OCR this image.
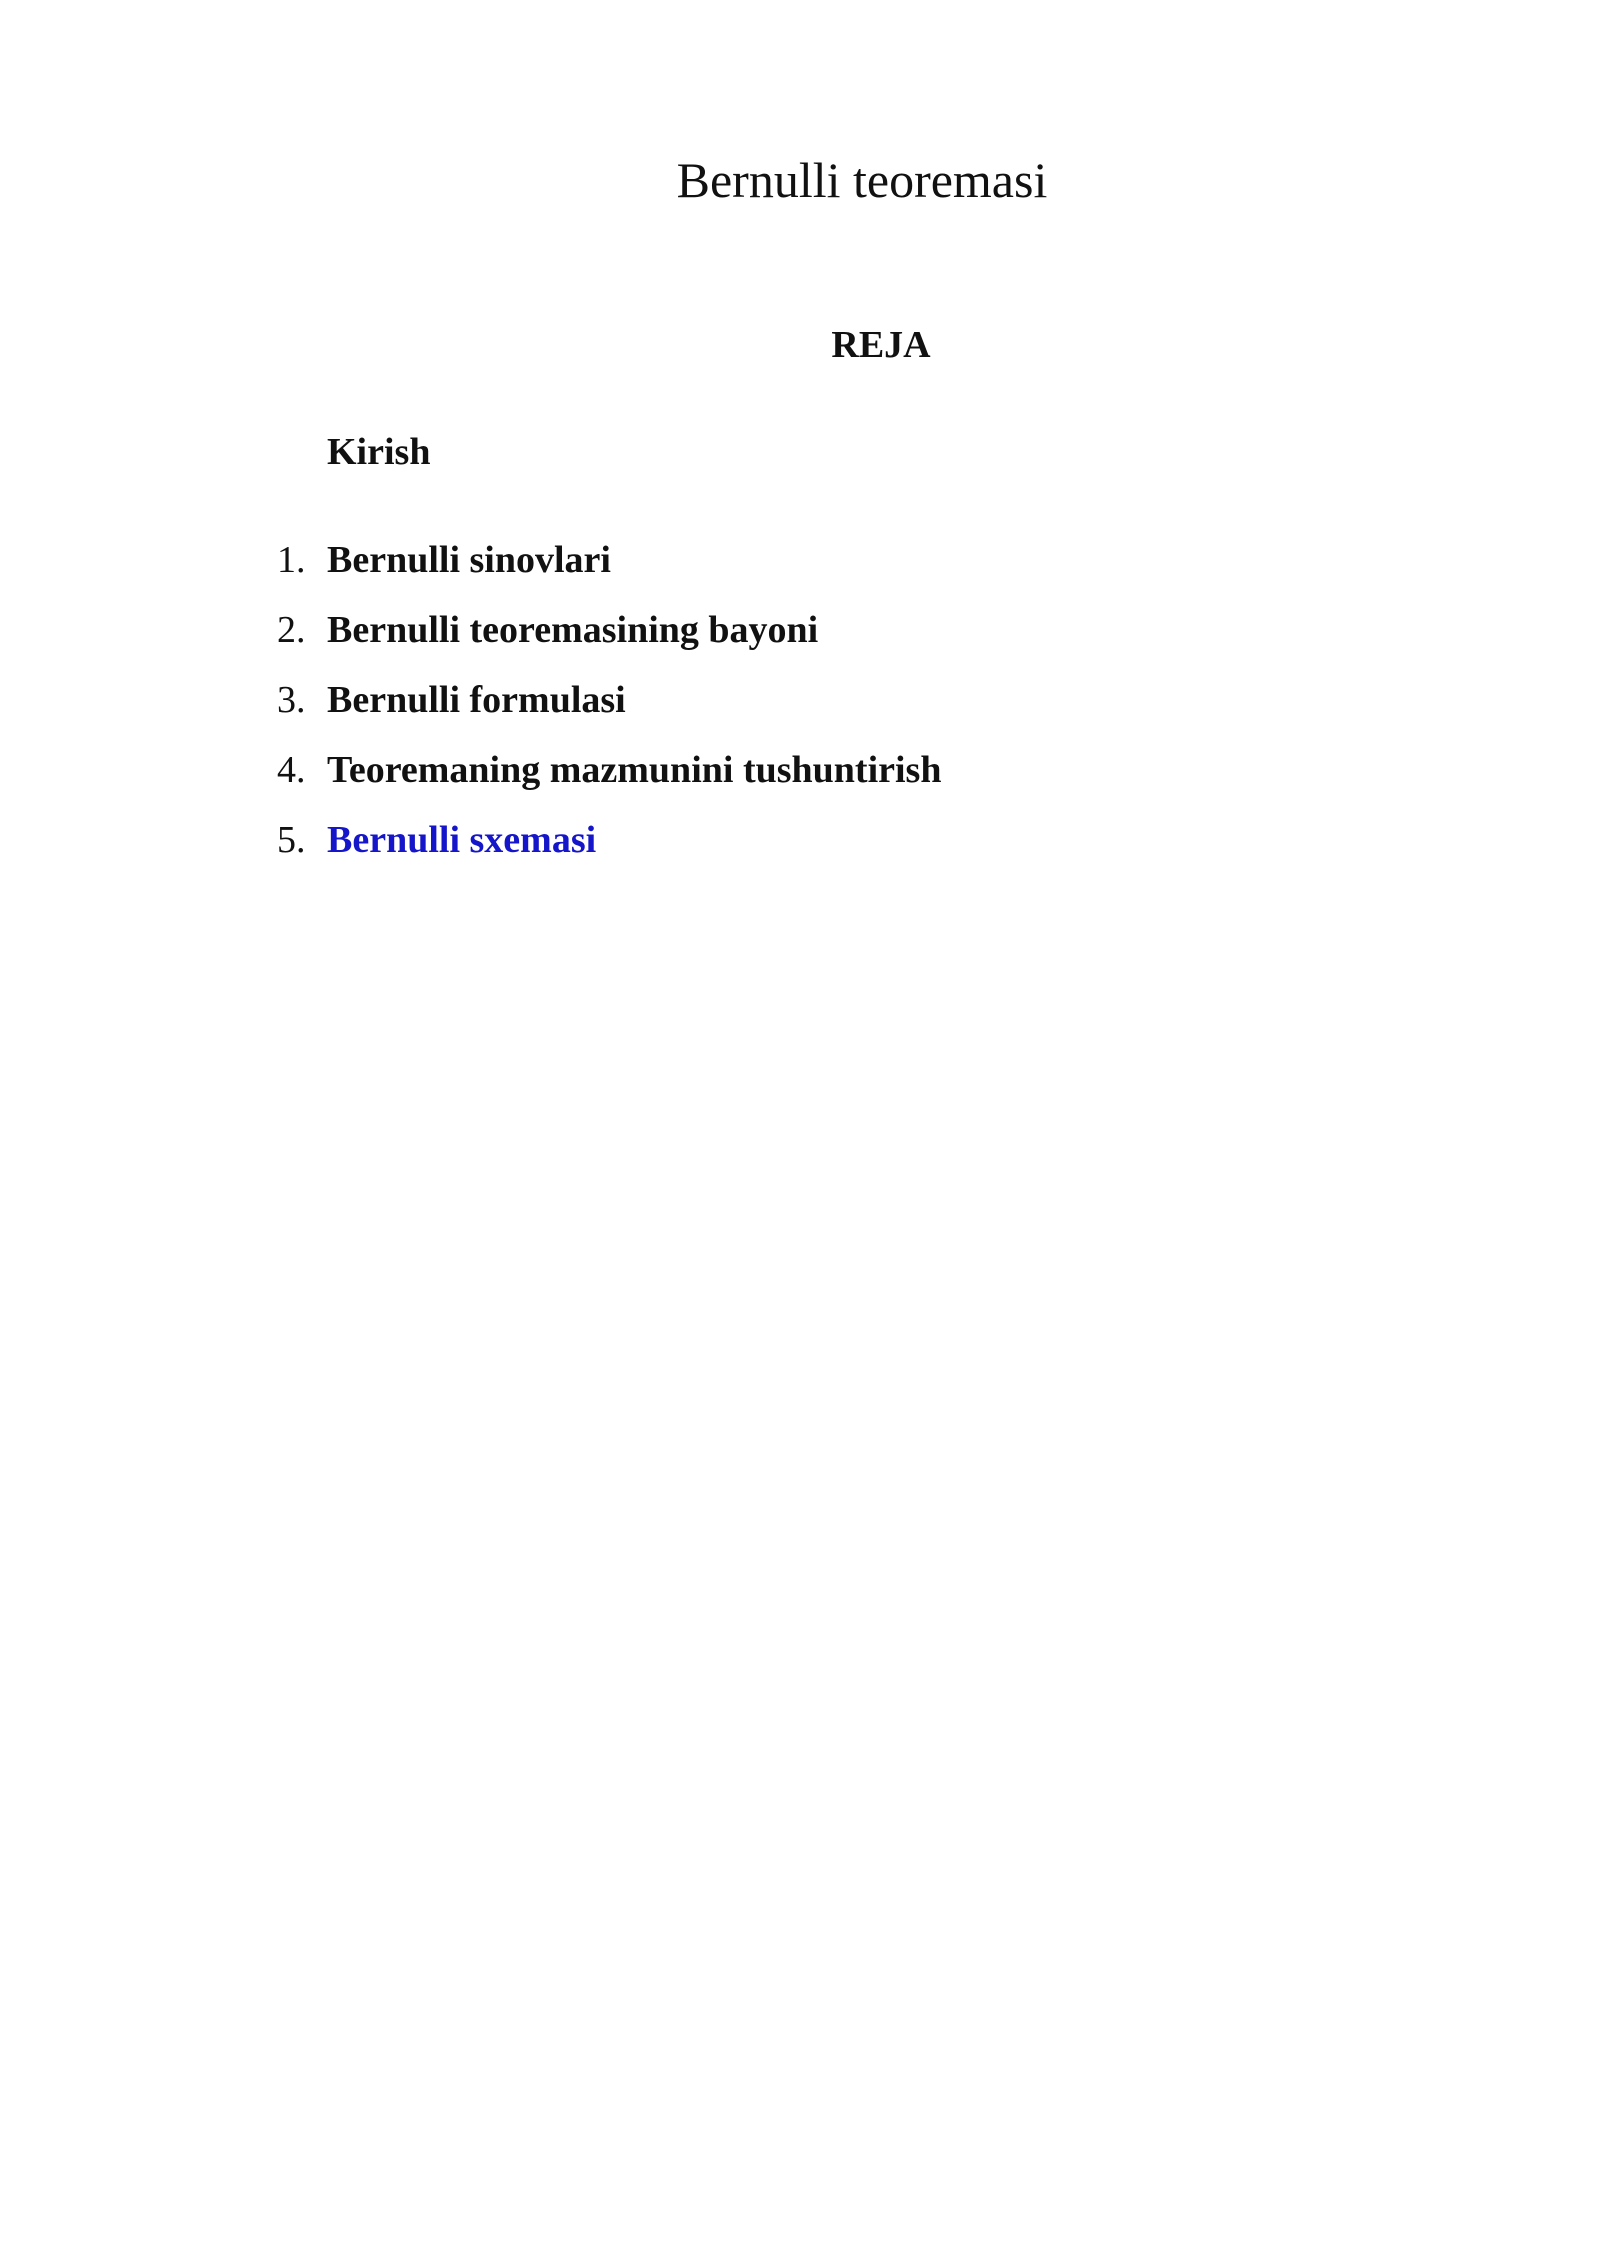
Bernulli teoremasi
REJA

Kirish

1. Bernulli sinovlari
2. Bernulli teoremasining bayoni
3. Bernulli formulasi
4. Teoremaning mazmunini tushuntirish
5. Bernulli sxemasi
